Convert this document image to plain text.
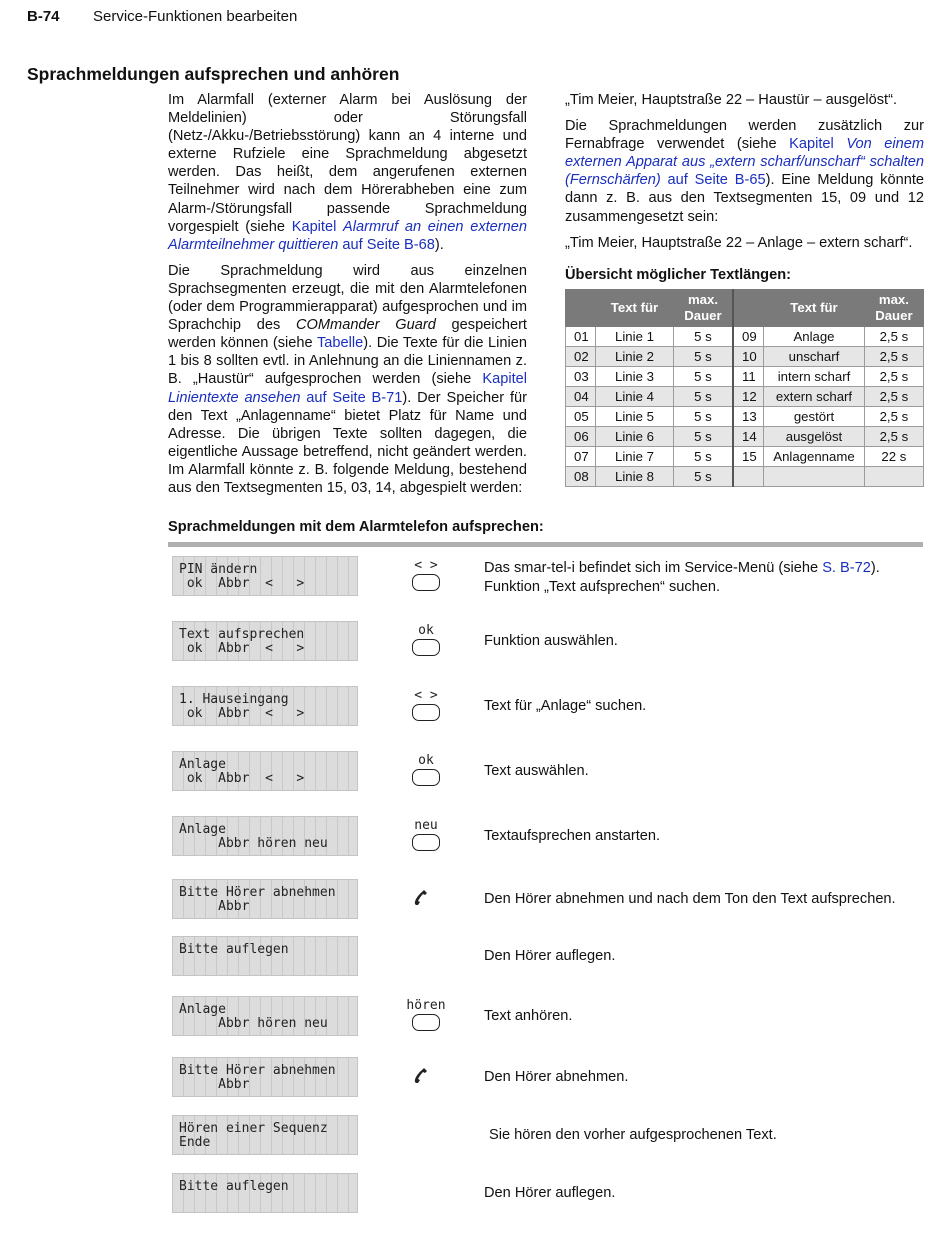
B-74 Service-Funktionen bearbeiten
Sprachmeldungen aufsprechen und anhören

Im Alarmfall (externer Alarm bei Auslösung der Meldelinien) oder Störungsfall (Netz-/Akku-/Betriebsstörung) kann an 4 interne und externe Rufziele eine Sprachmeldung abgesetzt werden. Das heißt, dem angerufenen externen Teilnehmer wird nach dem Hörerabheben eine zum Alarm-/Störungsfall passende Sprachmeldung vorgespielt (siehe Kapitel Alarmruf an einen externen Alarmteilnehmer quittieren auf Seite B-68).

Die Sprachmeldung wird aus einzelnen Sprachsegmenten erzeugt, die mit den Alarmtelefonen (oder dem Programmierapparat) aufgesprochen und im Sprachchip des COMmander Guard gespeichert werden können (siehe Tabelle). Die Texte für die Linien 1 bis 8 sollten evtl. in Anlehnung an die Liniennamen z. B. „Haustür“ aufgesprochen werden (siehe Kapitel Linientexte ansehen auf Seite B-71). Der Speicher für den Text „Anlagenname“ bietet Platz für Name und Adresse. Die übrigen Texte sollten dagegen, die eigentliche Aussage betreffend, nicht geändert werden. Im Alarmfall könnte z. B. folgende Meldung, bestehend aus den Textsegmenten 15, 03, 14, abgespielt werden:

„Tim Meier, Hauptstraße 22 – Haustür – ausgelöst“.

Die Sprachmeldungen werden zusätzlich zur Fernabfrage verwendet (siehe Kapitel Von einem externen Apparat aus „extern scharf/unscharf“ schalten (Fernschärfen) auf Seite B-65). Eine Meldung könnte dann z. B. aus den Textsegmenten 15, 09 und 12 zusammengesetzt sein:

„Tim Meier, Hauptstraße 22 – Anlage – extern scharf“.

Übersicht möglicher Textlängen:
	Text für	max. Dauer		Text für	max. Dauer
01	Linie 1	5 s	09	Anlage	2,5 s
02	Linie 2	5 s	10	unscharf	2,5 s
03	Linie 3	5 s	11	intern scharf	2,5 s
04	Linie 4	5 s	12	extern scharf	2,5 s
05	Linie 5	5 s	13	gestört	2,5 s
06	Linie 6	5 s	14	ausgelöst	2,5 s
07	Linie 7	5 s	15	Anlagenname	22 s
08	Linie 8	5 s			
Sprachmeldungen mit dem Alarmtelefon aufsprechen:
PIN ändern
ok  Abbr  <   >
< >	Das smar-tel-i befindet sich im Service-Menü (siehe S. B-72).
Funktion „Text aufsprechen“ suchen.
Text aufsprechen
ok  Abbr  <   >
ok
Funktion auswählen.
1. Hauseingang
ok  Abbr  <   >
< >
Text für „Anlage“ suchen.
Anlage
ok  Abbr  <   >
ok
Text auswählen.
Anlage
Abbr hören neu
neu
Textaufsprechen anstarten.
Bitte Hörer abnehmen
Abbr	Den Hörer abnehmen und nach dem Ton den Text aufsprechen.
Bitte auflegen	Den Hörer auflegen.
Anlage
Abbr hören neu
hören
Text anhören.
Bitte Hörer abnehmen
Abbr	Den Hörer abnehmen.
Hören einer Sequenz
Ende	Sie hören den vorher aufgesprochenen Text.
Bitte auflegen	Den Hörer auflegen.
